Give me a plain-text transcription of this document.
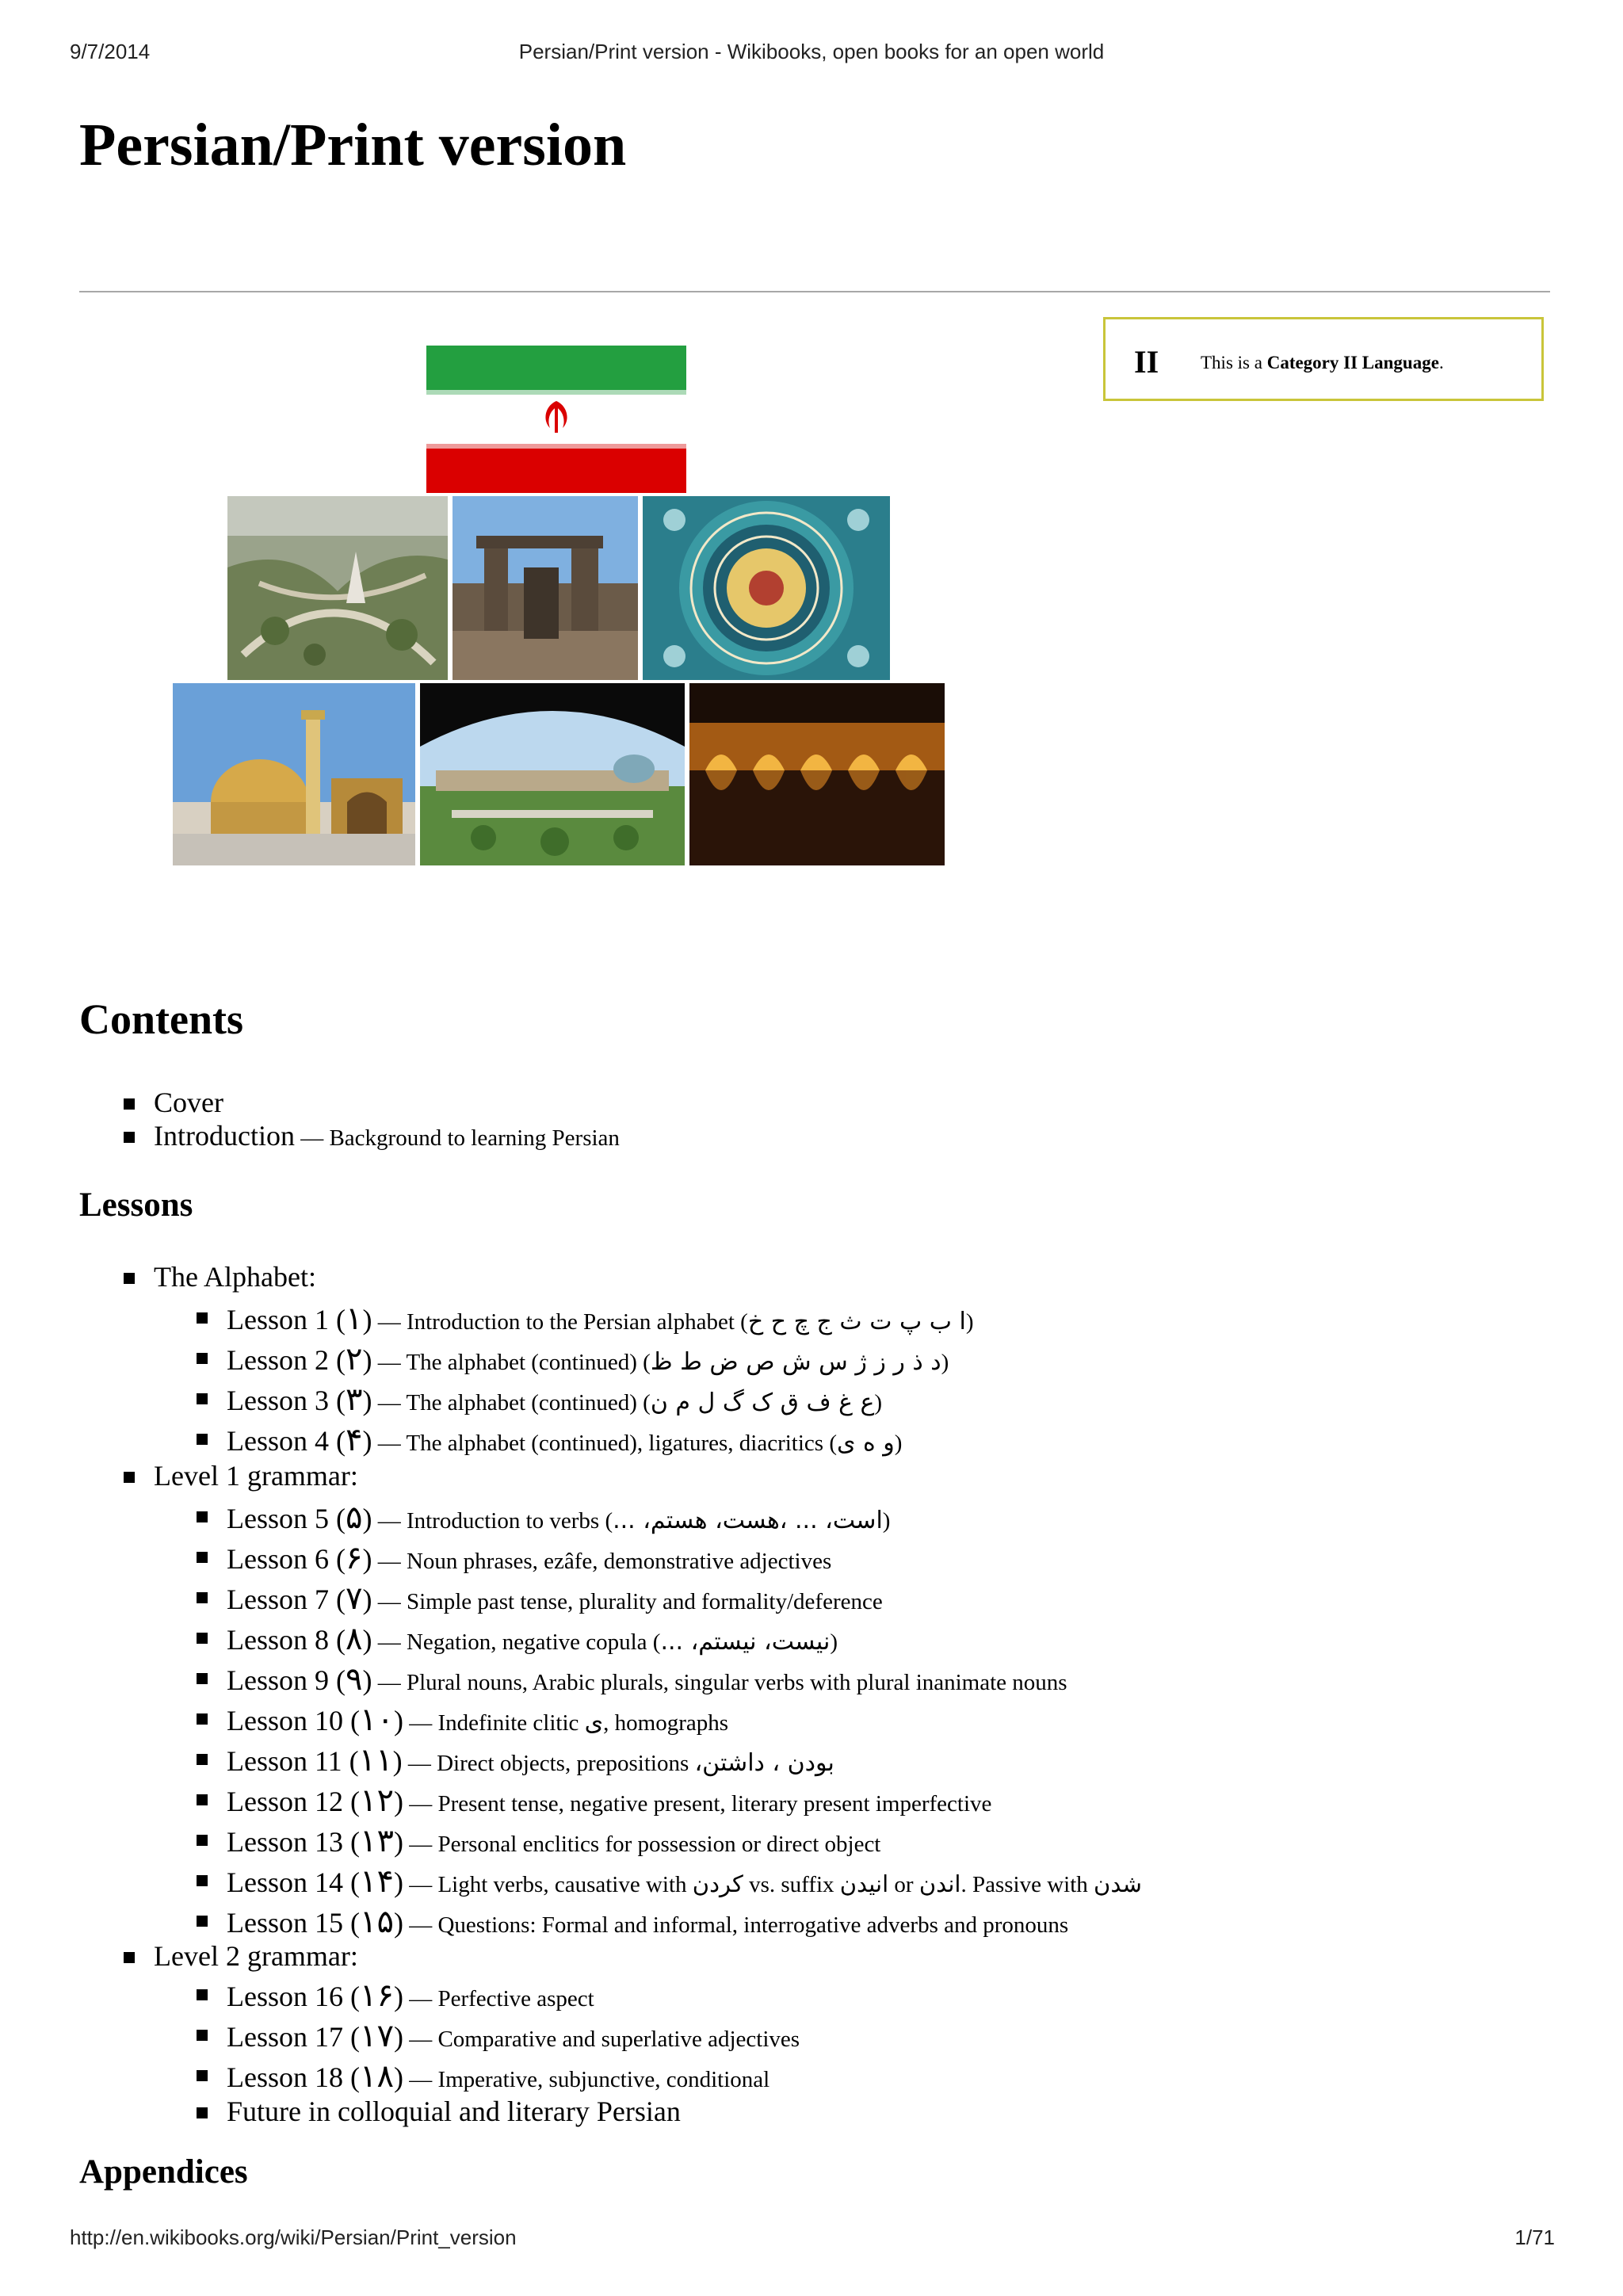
9/7/2014	Persian/Print version - Wikibooks, open books for an open world
Persian/Print version
II This is a Category II Language.
Contents
Cover
Introduction — Background to learning Persian
Lessons
The Alphabet:
Lesson 1 (١) — Introduction to the Persian alphabet (ا ب پ ت ث ج چ ح خ)
Lesson 2 (٢) — The alphabet (continued) (د ذ ر ز ژ س ش ص ض ط ظ)
Lesson 3 (٣) — The alphabet (continued) (ع غ ف ق ک گ ل م ن)
Lesson 4 (۴) — The alphabet (continued), ligatures, diacritics (و ه ی)
Level 1 grammar:
Lesson 5 (۵) — Introduction to verbs (است، ... ،هست، هستم، ...)
Lesson 6 (۶) — Noun phrases, ezâfe, demonstrative adjectives
Lesson 7 (٧) — Simple past tense, plurality and formality/deference
Lesson 8 (٨) — Negation, negative copula (نیست، نیستم، ...)
Lesson 9 (٩) — Plural nouns, Arabic plurals, singular verbs with plural inanimate nouns
Lesson 10 (١٠) — Indefinite clitic ی, homographs
Lesson 11 (١١) — Direct objects, prepositions بودن ، داشتن،
Lesson 12 (١٢) — Present tense, negative present, literary present imperfective
Lesson 13 (١٣) — Personal enclitics for possession or direct object
Lesson 14 (١۴) — Light verbs, causative with کردن vs. suffix انیدن or اندن. Passive with شدن
Lesson 15 (١۵) — Questions: Formal and informal, interrogative adverbs and pronouns
Level 2 grammar:
Lesson 16 (١۶) — Perfective aspect
Lesson 17 (١٧) — Comparative and superlative adjectives
Lesson 18 (١٨) — Imperative, subjunctive, conditional
Future in colloquial and literary Persian
Appendices
http://en.wikibooks.org/wiki/Persian/Print_version	1/71
